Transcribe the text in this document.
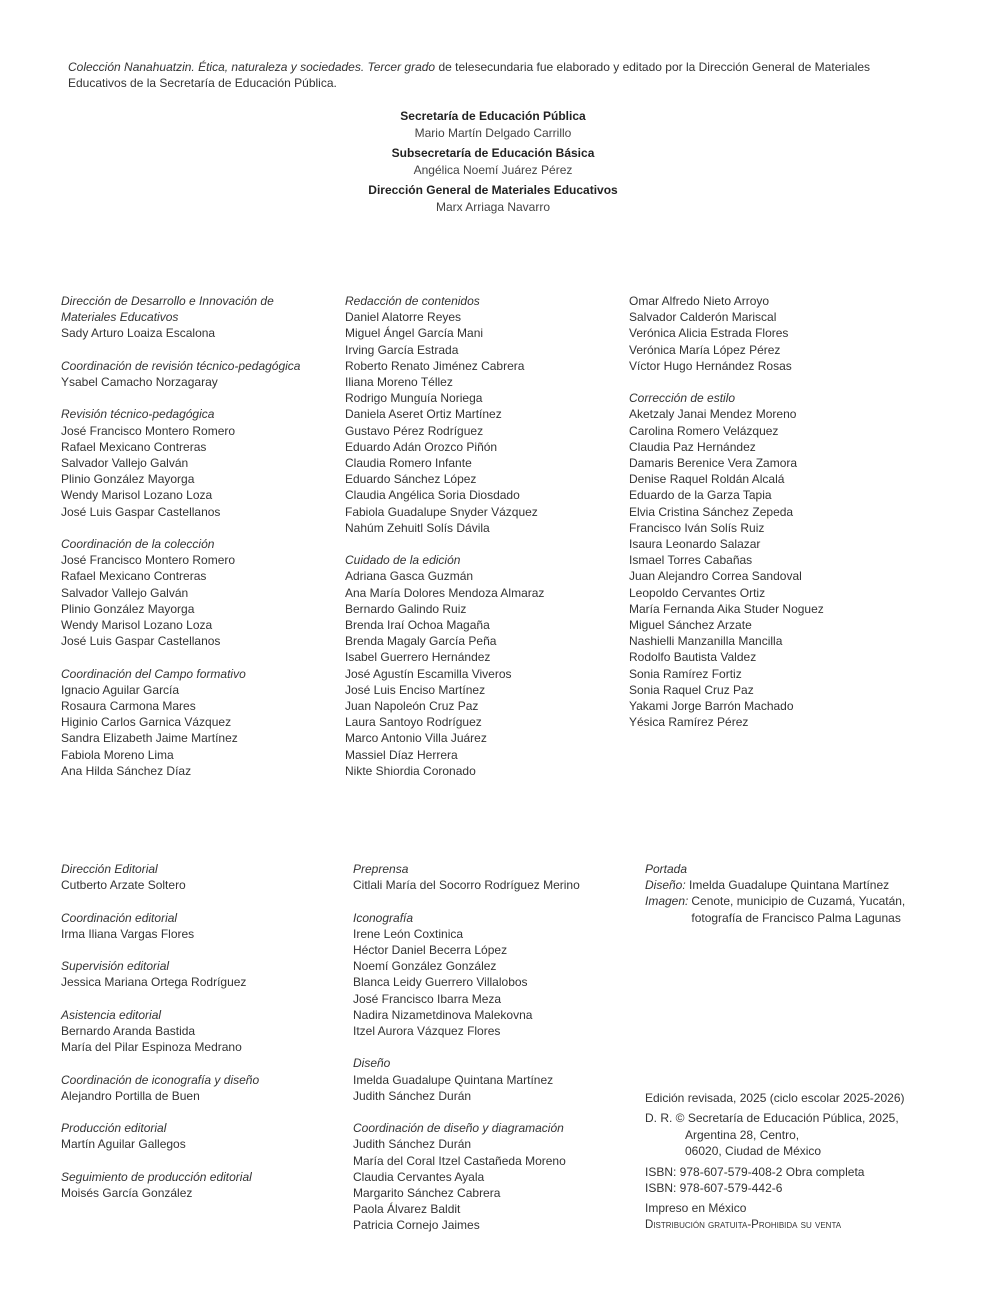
Colección Nanahuatzin. Ética, naturaleza y sociedades. Tercer grado de telesecundaria fue elaborado y editado por la Dirección General de Materiales Educativos de la Secretaría de Educación Pública.
Secretaría de Educación Pública
Mario Martín Delgado Carrillo
Subsecretaría de Educación Básica
Angélica Noemí Juárez Pérez
Dirección General de Materiales Educativos
Marx Arriaga Navarro
Dirección de Desarrollo e Innovación de Materiales Educativos
Sady Arturo Loaiza Escalona
Coordinación de revisión técnico-pedagógica
Ysabel Camacho Norzagaray
Revisión técnico-pedagógica
José Francisco Montero Romero
Rafael Mexicano Contreras
Salvador Vallejo Galván
Plinio González Mayorga
Wendy Marisol Lozano Loza
José Luis Gaspar Castellanos
Coordinación de la colección
José Francisco Montero Romero
Rafael Mexicano Contreras
Salvador Vallejo Galván
Plinio González Mayorga
Wendy Marisol Lozano Loza
José Luis Gaspar Castellanos
Coordinación del Campo formativo
Ignacio Aguilar García
Rosaura Carmona Mares
Higinio Carlos Garnica Vázquez
Sandra Elizabeth Jaime Martínez
Fabiola Moreno Lima
Ana Hilda Sánchez Díaz
Redacción de contenidos
Daniel Alatorre Reyes
Miguel Ángel García Mani
Irving García Estrada
Roberto Renato Jiménez Cabrera
Iliana Moreno Téllez
Rodrigo Munguía Noriega
Daniela Aseret Ortiz Martínez
Gustavo Pérez Rodríguez
Eduardo Adán Orozco Piñón
Claudia Romero Infante
Eduardo Sánchez López
Claudia Angélica Soria Diosdado
Fabiola Guadalupe Snyder Vázquez
Nahúm Zehuitl Solís Dávila
Cuidado de la edición
Adriana Gasca Guzmán
Ana María Dolores Mendoza Almaraz
Bernardo Galindo Ruiz
Brenda Iraí Ochoa Magaña
Brenda Magaly García Peña
Isabel Guerrero Hernández
José Agustín Escamilla Viveros
José Luis Enciso Martínez
Juan Napoleón Cruz Paz
Laura Santoyo Rodríguez
Marco Antonio Villa Juárez
Massiel Díaz Herrera
Nikte Shiordia Coronado
Omar Alfredo Nieto Arroyo
Salvador Calderón Mariscal
Verónica Alicia Estrada Flores
Verónica María López Pérez
Víctor Hugo Hernández Rosas
Corrección de estilo
Aketzaly Janai Mendez Moreno
Carolina Romero Velázquez
Claudia Paz Hernández
Damaris Berenice Vera Zamora
Denise Raquel Roldán Alcalá
Eduardo de la Garza Tapia
Elvia Cristina Sánchez Zepeda
Francisco Iván Solís Ruiz
Isaura Leonardo Salazar
Ismael Torres Cabañas
Juan Alejandro Correa Sandoval
Leopoldo Cervantes Ortiz
María Fernanda Aika Studer Noguez
Miguel Sánchez Arzate
Nashielli Manzanilla Mancilla
Rodolfo Bautista Valdez
Sonia Ramírez Fortiz
Sonia Raquel Cruz Paz
Yakami Jorge Barrón Machado
Yésica Ramírez Pérez
Dirección Editorial
Cutberto Arzate Soltero
Coordinación editorial
Irma Iliana Vargas Flores
Supervisión editorial
Jessica Mariana Ortega Rodríguez
Asistencia editorial
Bernardo Aranda Bastida
María del Pilar Espinoza Medrano
Coordinación de iconografía y diseño
Alejandro Portilla de Buen
Producción editorial
Martín Aguilar Gallegos
Seguimiento de producción editorial
Moisés García González
Preprensa
Citlali María del Socorro Rodríguez Merino
Iconografía
Irene León Coxtinica
Héctor Daniel Becerra López
Noemí González González
Blanca Leidy Guerrero Villalobos
José Francisco Ibarra Meza
Nadira Nizametdinova Malekovna
Itzel Aurora Vázquez Flores
Diseño
Imelda Guadalupe Quintana Martínez
Judith Sánchez Durán
Coordinación de diseño y diagramación
Judith Sánchez Durán
María del Coral Itzel Castañeda Moreno
Claudia Cervantes Ayala
Margarito Sánchez Cabrera
Paola Álvarez Baldit
Patricia Cornejo Jaimes
Portada
Diseño: Imelda Guadalupe Quintana Martínez
Imagen: Cenote, municipio de Cuzamá, Yucatán, fotografía de Francisco Palma Lagunas
Edición revisada, 2025 (ciclo escolar 2025-2026)
D. R. © Secretaría de Educación Pública, 2025,
Argentina 28, Centro,
06020, Ciudad de México
ISBN: 978-607-579-408-2 Obra completa
ISBN: 978-607-579-442-6
Impreso en México
Distribución gratuita-Prohibida su venta
